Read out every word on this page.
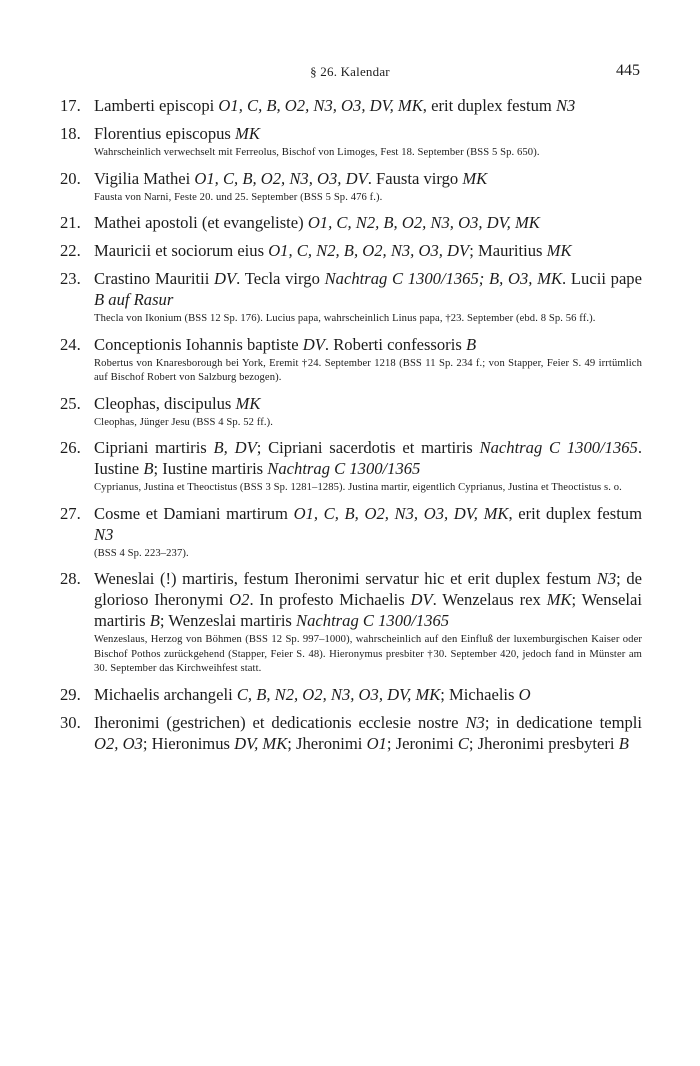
§ 26. Kalendar	445
17. Lamberti episcopi O1, C, B, O2, N3, O3, DV, MK, erit duplex festum N3
18. Florentius episcopus MK
Wahrscheinlich verwechselt mit Ferreolus, Bischof von Limoges, Fest 18. September (BSS 5 Sp. 650).
20. Vigilia Mathei O1, C, B, O2, N3, O3, DV. Fausta virgo MK
Fausta von Narni, Feste 20. und 25. September (BSS 5 Sp. 476 f.).
21. Mathei apostoli (et evangeliste) O1, C, N2, B, O2, N3, O3, DV, MK
22. Mauricii et sociorum eius O1, C, N2, B, O2, N3, O3, DV; Mauritius MK
23. Crastino Mauritii DV. Tecla virgo Nachtrag C 1300/1365; B, O3, MK. Lucii pape B auf Rasur
Thecla von Ikonium (BSS 12 Sp. 176). Lucius papa, wahrscheinlich Linus papa, †23. September (ebd. 8 Sp. 56 ff.).
24. Conceptionis Iohannis baptiste DV. Roberti confessoris B
Robertus von Knaresborough bei York, Eremit †24. September 1218 (BSS 11 Sp. 234 f.; von Stapper, Feier S. 49 irrtümlich auf Bischof Robert von Salzburg bezogen).
25. Cleophas, discipulus MK
Cleophas, Jünger Jesu (BSS 4 Sp. 52 ff.).
26. Cipriani martiris B, DV; Cipriani sacerdotis et martiris Nachtrag C 1300/1365. Iustine B; Iustine martiris Nachtrag C 1300/1365
Cyprianus, Justina et Theoctistus (BSS 3 Sp. 1281–1285). Justina martir, eigentlich Cyprianus, Justina et Theoctistus s. o.
27. Cosme et Damiani martirum O1, C, B, O2, N3, O3, DV, MK, erit duplex festum N3
(BSS 4 Sp. 223–237).
28. Weneslai (!) martiris, festum Iheronimi servatur hic et erit duplex festum N3; de glorioso Iheronymi O2. In profesto Michaelis DV. Wenzelaus rex MK; Wenselai martiris B; Wenzeslai martiris Nachtrag C 1300/1365
Wenzeslaus, Herzog von Böhmen (BSS 12 Sp. 997–1000), wahrscheinlich auf den Einfluß der luxemburgischen Kaiser oder Bischof Pothos zurückgehend (Stapper, Feier S. 48). Hieronymus presbiter †30. September 420, jedoch fand in Münster am 30. September das Kirchweihfest statt.
29. Michaelis archangeli C, B, N2, O2, N3, O3, DV, MK; Michaelis O
30. Iheronimi (gestrichen) et dedicationis ecclesie nostre N3; in dedicatione templi O2, O3; Hieronimus DV, MK; Jheronimi O1; Jeronimi C; Jheronimi presbyteri B
